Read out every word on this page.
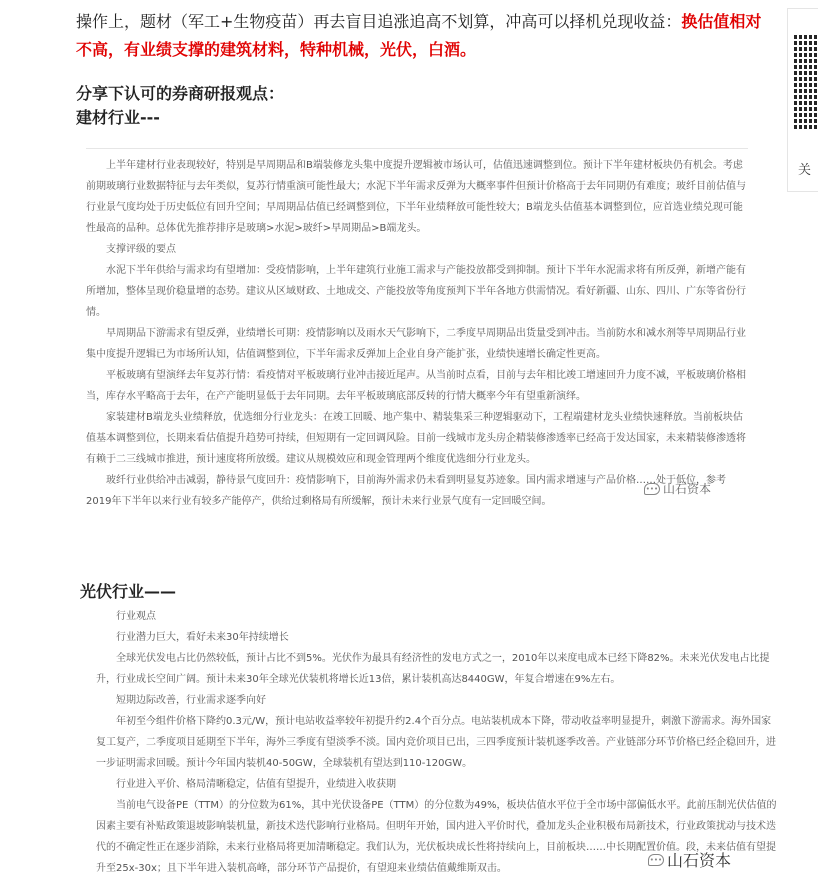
操作上，题材（军工+生物疫苗）再去盲目追涨追高不划算，冲高可以择机兑现收益：换估值相对不高，有业绩支撑的建筑材料，特种机械，光伏，白酒。
分享下认可的券商研报观点：
建材行业---

上半年建材行业表现较好，特别是早周期品和B端装修龙头集中度提升逻辑被市场认可，估值迅速调整到位。预计下半年建材板块仍有机会。考虑前期玻璃行业数据特征与去年类似，复苏行情重演可能性最大；水泥下半年需求反弹为大概率事件但预计价格高于去年同期仍有难度；玻纤目前估值与行业景气度均处于历史低位有回升空间；早周期品估值已经调整到位，下半年业绩释放可能性较大；B端龙头估值基本调整到位，应首选业绩兑现可能性最高的品种。总体优先推荐排序是玻璃>水泥>玻纤>早周期品>B端龙头。

支撑评级的要点

水泥下半年供给与需求均有望增加：受疫情影响，上半年建筑行业施工需求与产能投放都受到抑制。预计下半年水泥需求将有所反弹，新增产能有所增加，整体呈现价稳量增的态势。建议从区域财政、土地成交、产能投放等角度预判下半年各地方供需情况。看好新疆、山东、四川、广东等省份行情。

早周期品下游需求有望反弹，业绩增长可期：疫情影响以及雨水天气影响下，二季度早周期品出货量受到冲击。当前防水和减水剂等早周期品行业集中度提升逻辑已为市场所认知，估值调整到位，下半年需求反弹加上企业自身产能扩张，业绩快速增长确定性更高。

平板玻璃有望演绎去年复苏行情：看疫情对平板玻璃行业冲击接近尾声。从当前时点看，目前与去年相比竣工增速回升力度不减，平板玻璃价格相当，库存水平略高于去年，在产产能明显低于去年同期。去年平板玻璃底部反转的行情大概率今年有望重新演绎。

家装建材B端龙头业绩释放，优选细分行业龙头：在竣工回暖、地产集中、精装集采三种逻辑驱动下，工程端建材龙头业绩快速释放。当前板块估值基本调整到位，长期来看估值提升趋势可持续，但短期有一定回调风险。目前一线城市龙头房企精装修渗透率已经高于发达国家，未来精装修渗透将有赖于二三线城市推进，预计速度将所放缓。建议从规模效应和现金管理两个维度优选细分行业龙头。

玻纤行业供给冲击减弱，静待景气度回升：疫情影响下，目前海外需求仍未看到明显复苏迹象。国内需求增速与产品价格……处于低位，参考2019年下半年以来行业有较多产能停产，供给过剩格局有所缓解，预计未来行业景气度有一定回暖空间。

••• 山石资本
光伏行业——

行业观点

行业潜力巨大，看好未来30年持续增长

全球光伏发电占比仍然较低，预计占比不到5%。光伏作为最具有经济性的发电方式之一，2010年以来度电成本已经下降82%。未来光伏发电占比提升，行业成长空间广阔。预计未来30年全球光伏装机将增长近13倍，累计装机高达8440GW，年复合增速在9%左右。

短期边际改善，行业需求逐季向好

年初至今组件价格下降约0.3元/W，预计电站收益率较年初提升约2.4个百分点。电站装机成本下降，带动收益率明显提升，刺激下游需求。海外国家复工复产，二季度项目延期至下半年，海外三季度有望淡季不淡。国内竞价项目已出，三四季度预计装机逐季改善。产业链部分环节价格已经企稳回升，进一步证明需求回暖。预计今年国内装机40-50GW，全球装机有望达到110-120GW。

行业进入平价、格局清晰稳定，估值有望提升，业绩进入收获期

当前电气设备PE（TTM）的分位数为61%，其中光伏设备PE（TTM）的分位数为49%，板块估值水平位于全市场中部偏低水平。此前压制光伏估值的因素主要有补贴政策退坡影响装机量，新技术迭代影响行业格局。但明年开始，国内进入平价时代，叠加龙头企业积极布局新技术，行业政策扰动与技术迭代的不确定性正在逐步消除，未来行业格局将更加清晰稳定。我们认为，光伏板块成长性将持续向上，目前板块……中长期配置价值。段，未来估值有望提升至25x-30x；且下半年进入装机高峰，部分环节产品提价，有望迎来业绩估值戴维斯双击。

••• 山石资本
关
